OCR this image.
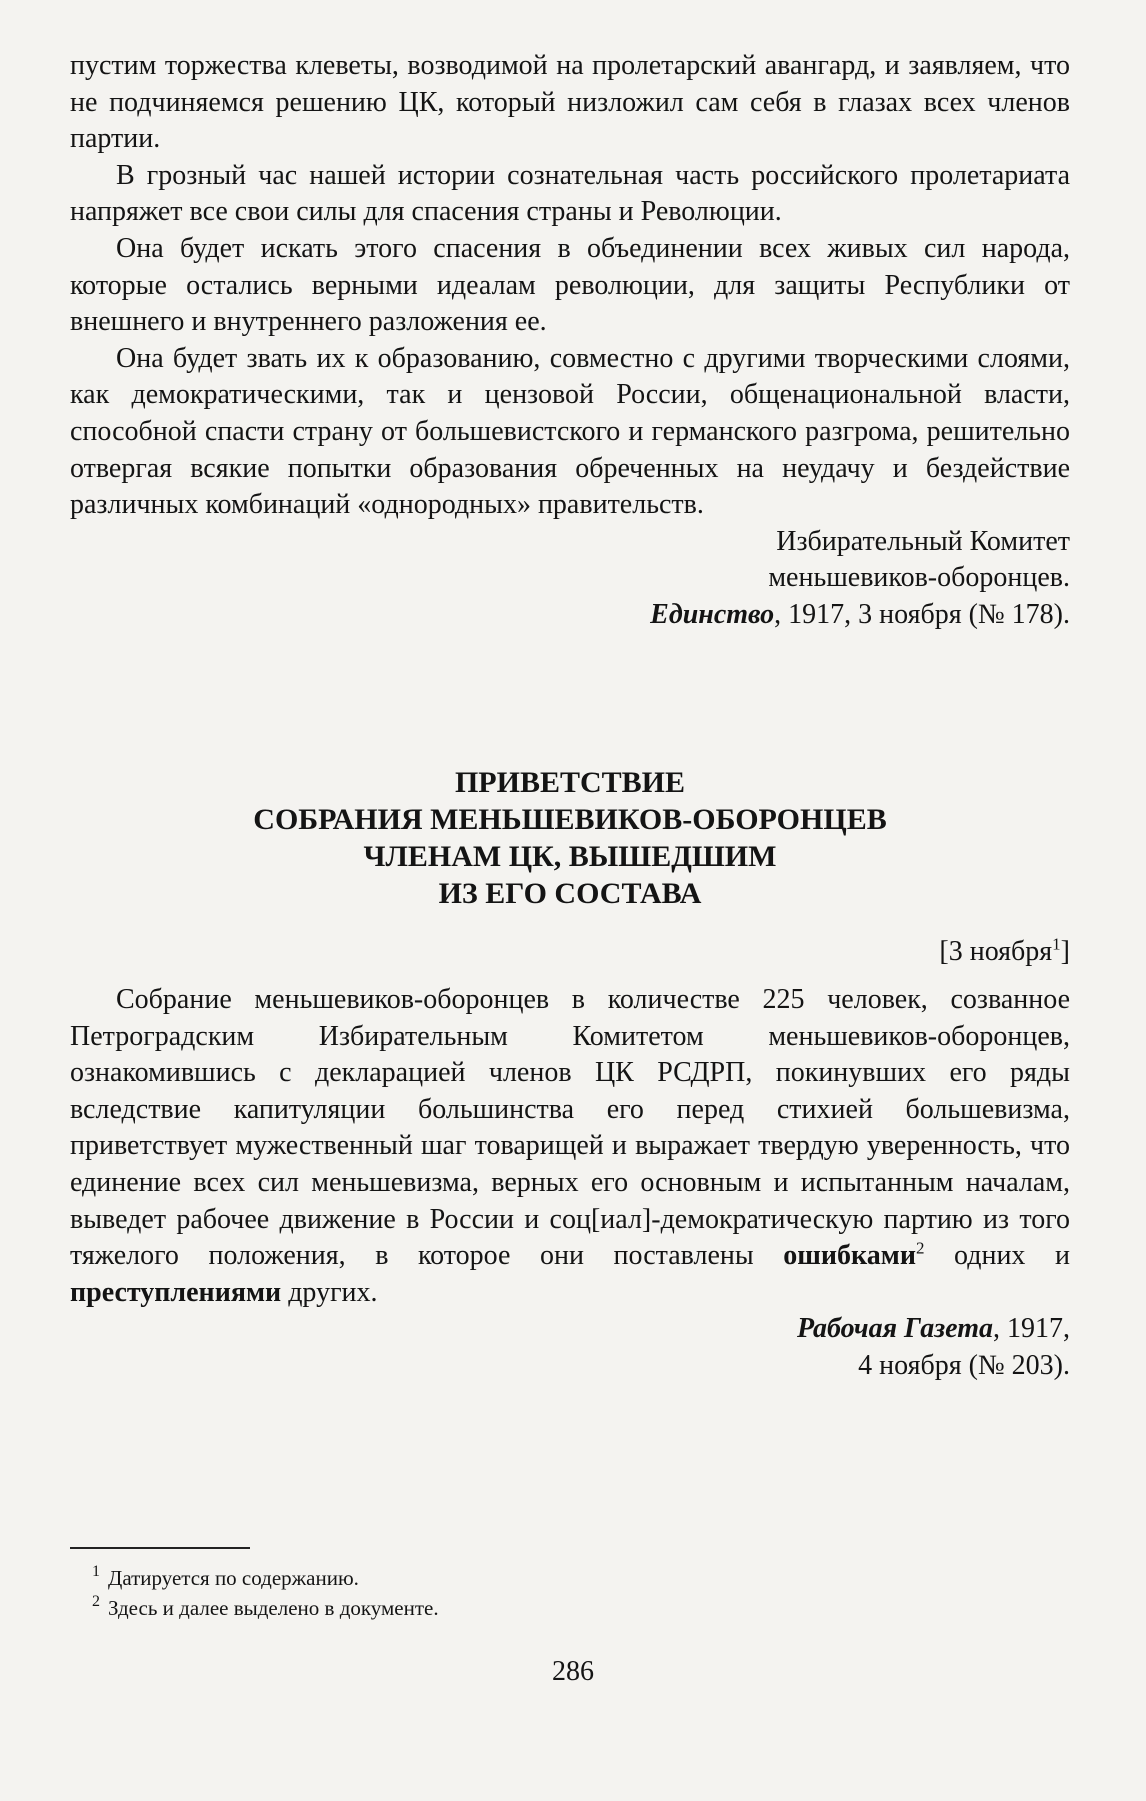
пустим торжества клеветы, возводимой на пролетарский авангард, и заявляем, что не подчиняемся решению ЦК, который низложил сам себя в глазах всех членов партии.

В грозный час нашей истории сознательная часть российского пролетариата напряжет все свои силы для спасения страны и Революции.

Она будет искать этого спасения в объединении всех живых сил народа, которые остались верными идеалам революции, для защиты Республики от внешнего и внутреннего разложения ее.

Она будет звать их к образованию, совместно с другими творческими слоями, как демократическими, так и цензовой России, общенациональной власти, способной спасти страну от большевистского и германского разгрома, решительно отвергая всякие попытки образования обреченных на неудачу и бездействие различных комбинаций «однородных» правительств.

Избирательный Комитет
меньшевиков-оборонцев.
Единство, 1917, 3 ноября (№ 178).
ПРИВЕТСТВИЕ
СОБРАНИЯ МЕНЬШЕВИКОВ-ОБОРОНЦЕВ
ЧЛЕНАМ ЦК, ВЫШЕДШИМ
ИЗ ЕГО СОСТАВА
[3 ноября$^1$]

Собрание меньшевиков-оборонцев в количестве 225 человек, созванное Петроградским Избирательным Комитетом меньшевиков-оборонцев, ознакомившись с декларацией членов ЦК РСДРП, покинувших его ряды вследствие капитуляции большинства его перед стихией большевизма, приветствует мужественный шаг товарищей и выражает твердую уверенность, что единение всех сил меньшевизма, верных его основным и испытанным началам, выведет рабочее движение в России и соц[иал]-демократическую партию из того тяжелого положения, в которое они поставлены ошибками$^2$ одних и преступлениями других.

Рабочая Газета, 1917,
4 ноября (№ 203).
1 Датируется по содержанию.
2 Здесь и далее выделено в документе.
286
